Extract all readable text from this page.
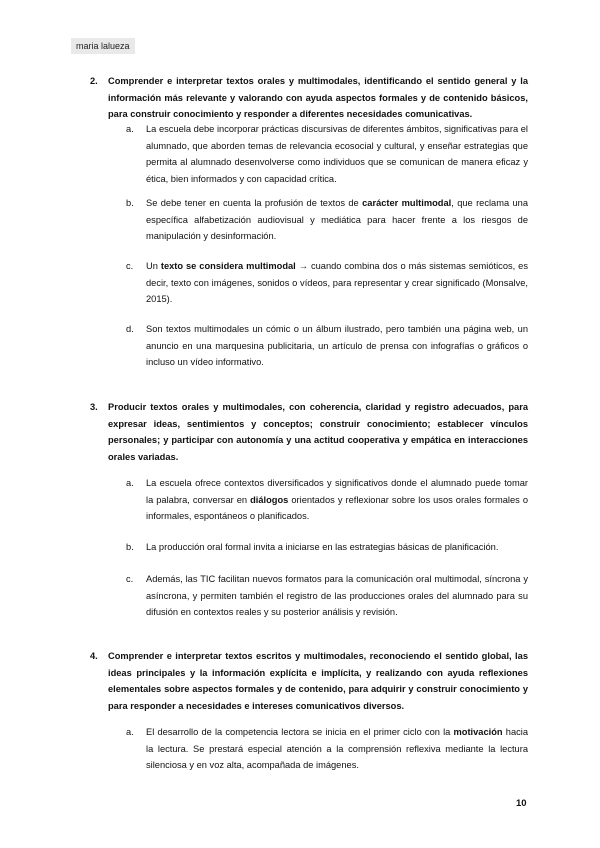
maria lalueza
2. Comprender e interpretar textos orales y multimodales, identificando el sentido general y la información más relevante y valorando con ayuda aspectos formales y de contenido básicos, para construir conocimiento y responder a diferentes necesidades comunicativas.
a. La escuela debe incorporar prácticas discursivas de diferentes ámbitos, significativas para el alumnado, que aborden temas de relevancia ecosocial y cultural, y enseñar estrategias que permita al alumnado desenvolverse como individuos que se comunican de manera eficaz y ética, bien informados y con capacidad crítica.
b. Se debe tener en cuenta la profusión de textos de carácter multimodal, que reclama una específica alfabetización audiovisual y mediática para hacer frente a los riesgos de manipulación y desinformación.
c. Un texto se considera multimodal → cuando combina dos o más sistemas semióticos, es decir, texto con imágenes, sonidos o vídeos, para representar y crear significado (Monsalve, 2015).
d. Son textos multimodales un cómic o un álbum ilustrado, pero también una página web, un anuncio en una marquesina publicitaria, un artículo de prensa con infografías o gráficos o incluso un vídeo informativo.
3. Producir textos orales y multimodales, con coherencia, claridad y registro adecuados, para expresar ideas, sentimientos y conceptos; construir conocimiento; establecer vínculos personales; y participar con autonomía y una actitud cooperativa y empática en interacciones orales variadas.
a. La escuela ofrece contextos diversificados y significativos donde el alumnado puede tomar la palabra, conversar en diálogos orientados y reflexionar sobre los usos orales formales o informales, espontáneos o planificados.
b. La producción oral formal invita a iniciarse en las estrategias básicas de planificación.
c. Además, las TIC facilitan nuevos formatos para la comunicación oral multimodal, síncrona y asíncrona, y permiten también el registro de las producciones orales del alumnado para su difusión en contextos reales y su posterior análisis y revisión.
4. Comprender e interpretar textos escritos y multimodales, reconociendo el sentido global, las ideas principales y la información explícita e implícita, y realizando con ayuda reflexiones elementales sobre aspectos formales y de contenido, para adquirir y construir conocimiento y para responder a necesidades e intereses comunicativos diversos.
a. El desarrollo de la competencia lectora se inicia en el primer ciclo con la motivación hacia la lectura. Se prestará especial atención a la comprensión reflexiva mediante la lectura silenciosa y en voz alta, acompañada de imágenes.
10
